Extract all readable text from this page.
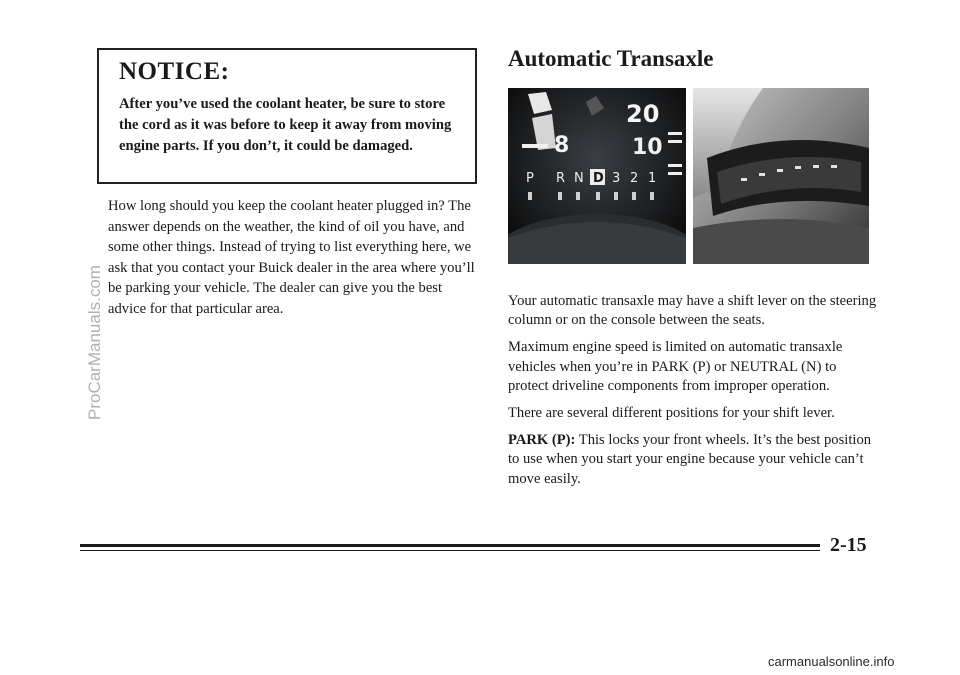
NOTICE:

After you’ve used the coolant heater, be sure to store the cord as it was before to keep it away from moving engine parts. If you don’t, it could be damaged.

How long should you keep the coolant heater plugged in? The answer depends on the weather, the kind of oil you have, and some other things. Instead of trying to list everything here, we ask that you contact your Buick dealer in the area where you’ll be parking your vehicle. The dealer can give you the best advice for that particular area.

Automatic Transaxle
8
20
10
P R N D 3 2 1

Your automatic transaxle may have a shift lever on the steering column or on the console between the seats.

Maximum engine speed is limited on automatic transaxle vehicles when you’re in PARK (P) or NEUTRAL (N) to protect driveline components from improper operation.

There are several different positions for your shift lever.

PARK (P): This locks your front wheels. It’s the best position to use when you start your engine because your vehicle can’t move easily.

2-15

ProCarManuals.com

carmanualsonline.info
